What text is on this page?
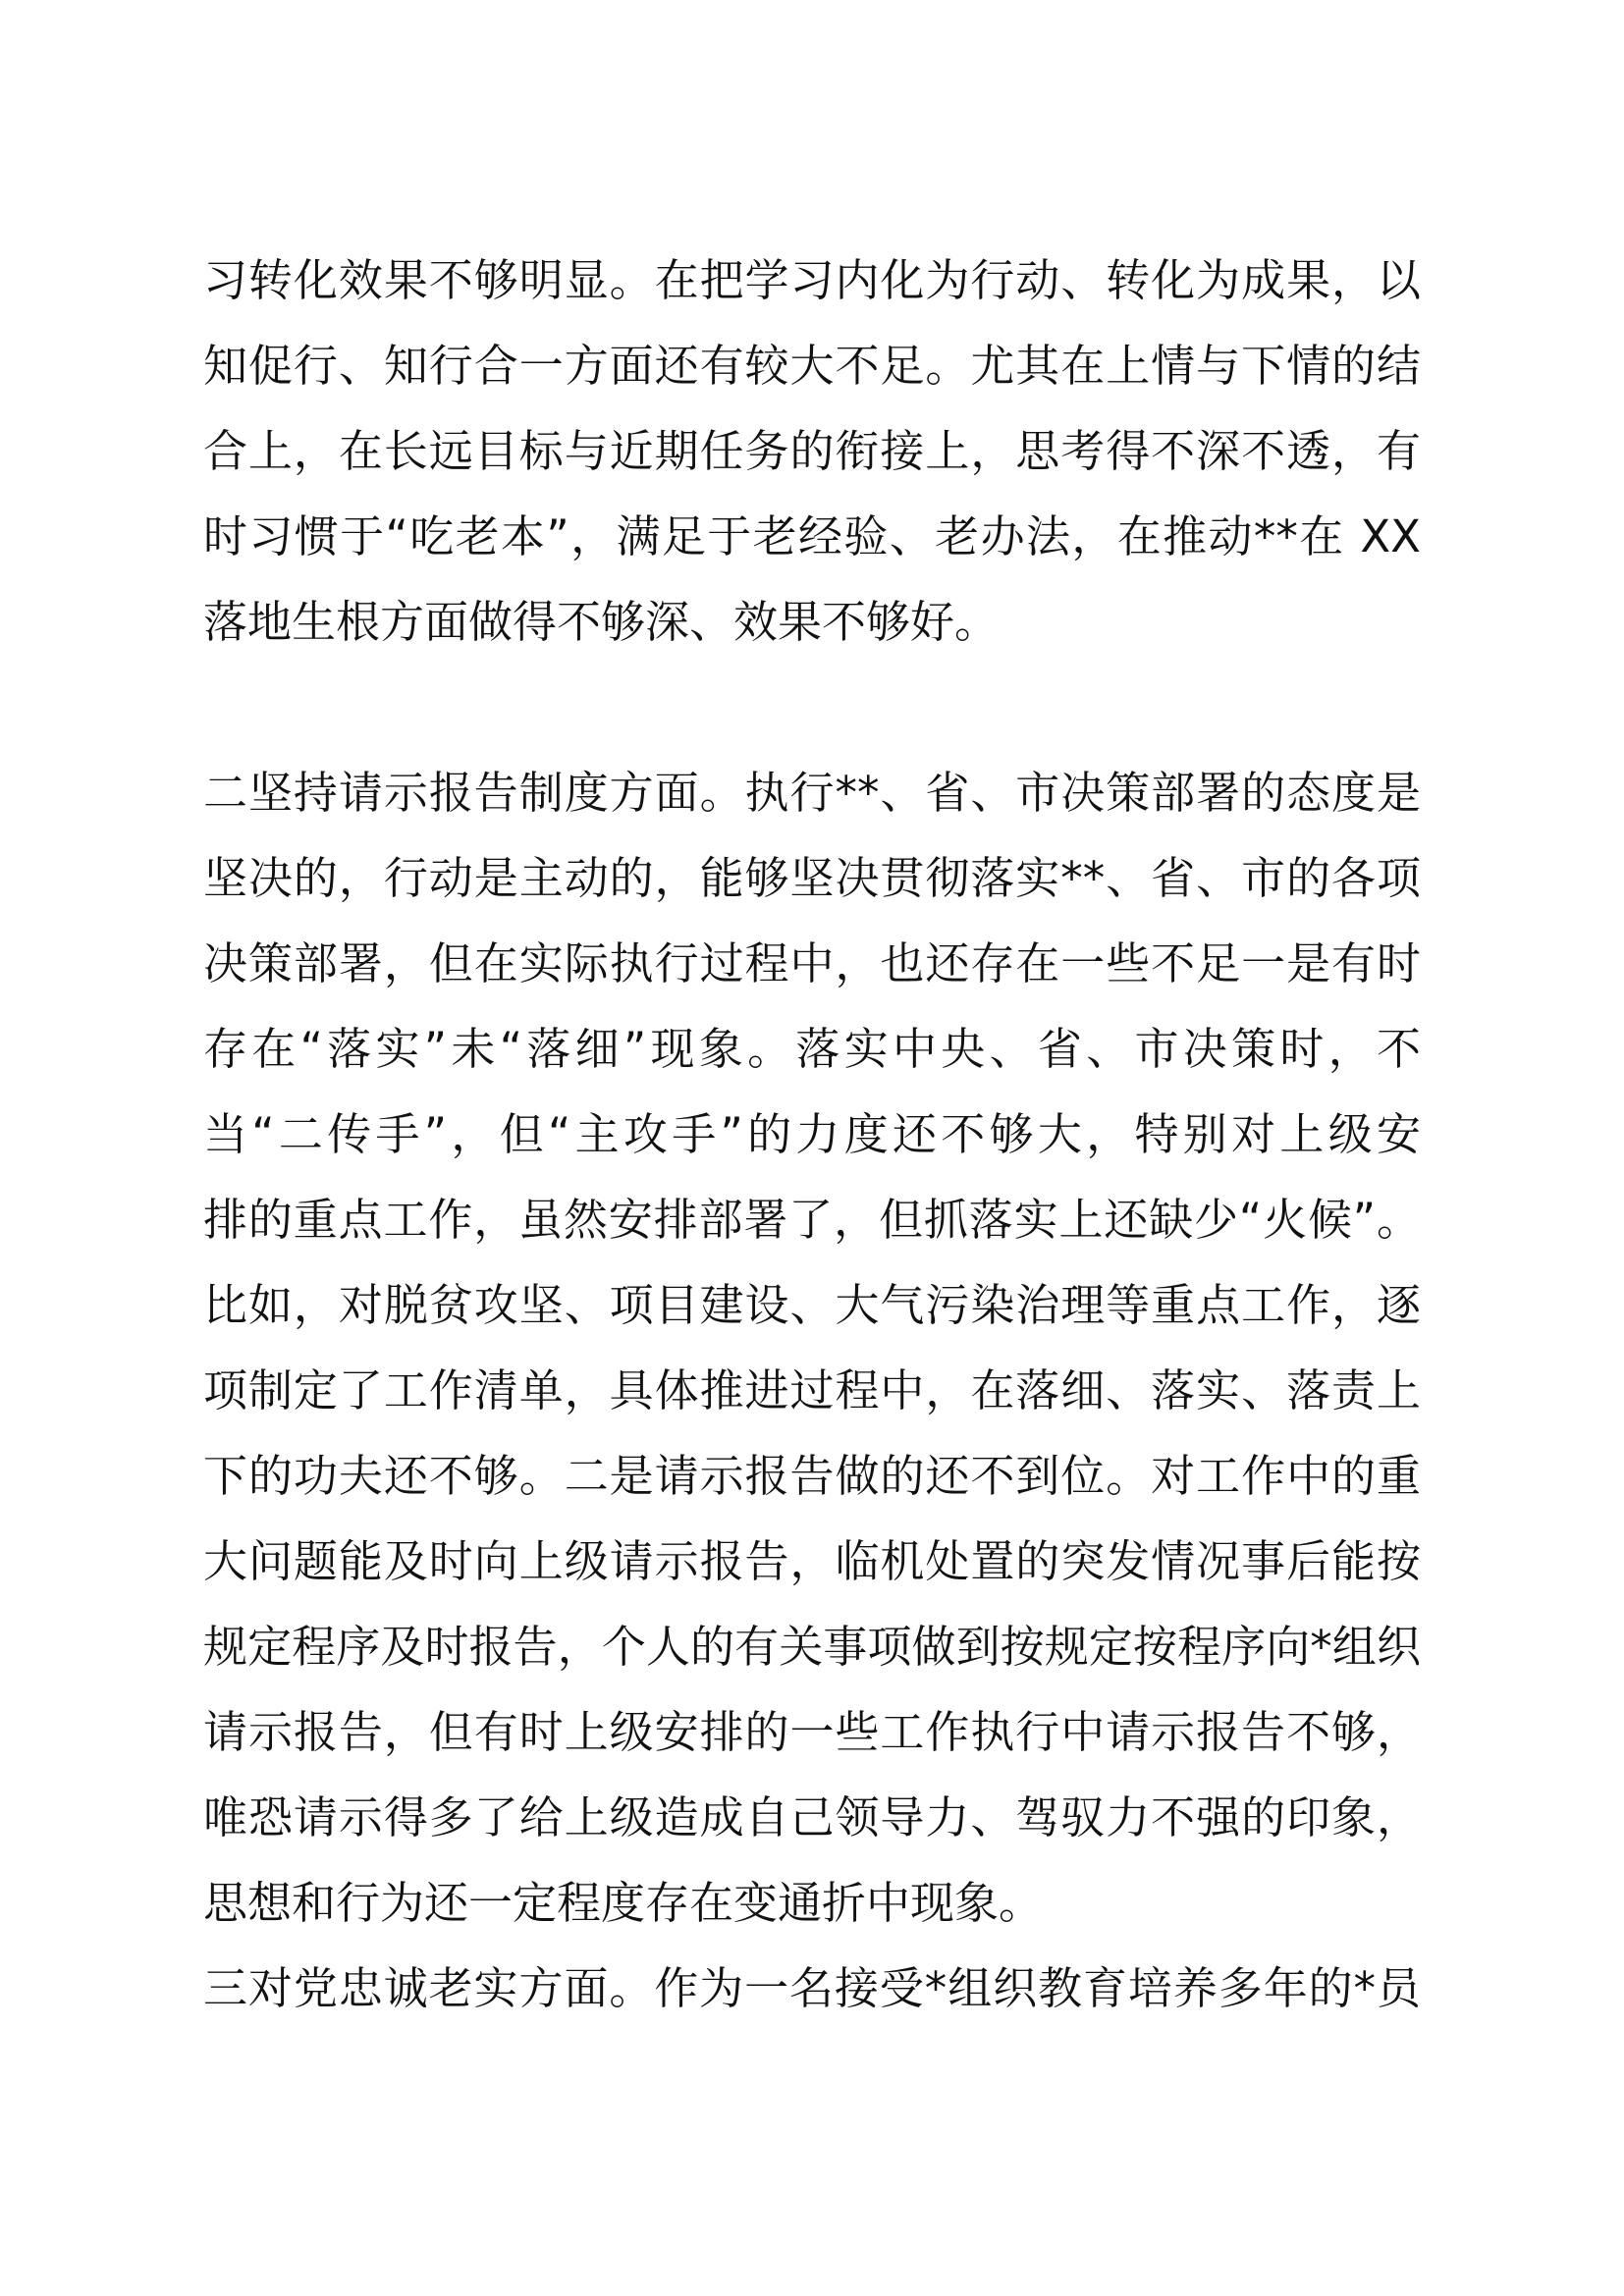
习转化效果不够明显。在把学习内化为行动、转化为成果，以
知促行、知行合一方面还有较大不足。尤其在上情与下情的结
合上，在长远目标与近期任务的衔接上，思考得不深不透，有
时习惯于“吃老本”，满足于老经验、老办法，在推动**在 XX
落地生根方面做得不够深、效果不够好。
二坚持请示报告制度方面。执行**、省、市决策部署的态度是
坚决的，行动是主动的，能够坚决贯彻落实**、省、市的各项
决策部署，但在实际执行过程中，也还存在一些不足一是有时
存在“落实”未“落细”现象。落实中央、省、市决策时，不
当“二传手”，但“主攻手”的力度还不够大，特别对上级安
排的重点工作，虽然安排部署了，但抓落实上还缺少“火候”。
比如，对脱贫攻坚、项目建设、大气污染治理等重点工作，逐
项制定了工作清单，具体推进过程中，在落细、落实、落责上
下的功夫还不够。二是请示报告做的还不到位。对工作中的重
大问题能及时向上级请示报告，临机处置的突发情况事后能按
规定程序及时报告，个人的有关事项做到按规定按程序向*组织
请示报告，但有时上级安排的一些工作执行中请示报告不够，
唯恐请示得多了给上级造成自己领导力、驾驭力不强的印象，
思想和行为还一定程度存在变通折中现象。
三对党忠诚老实方面。作为一名接受*组织教育培养多年的*员
